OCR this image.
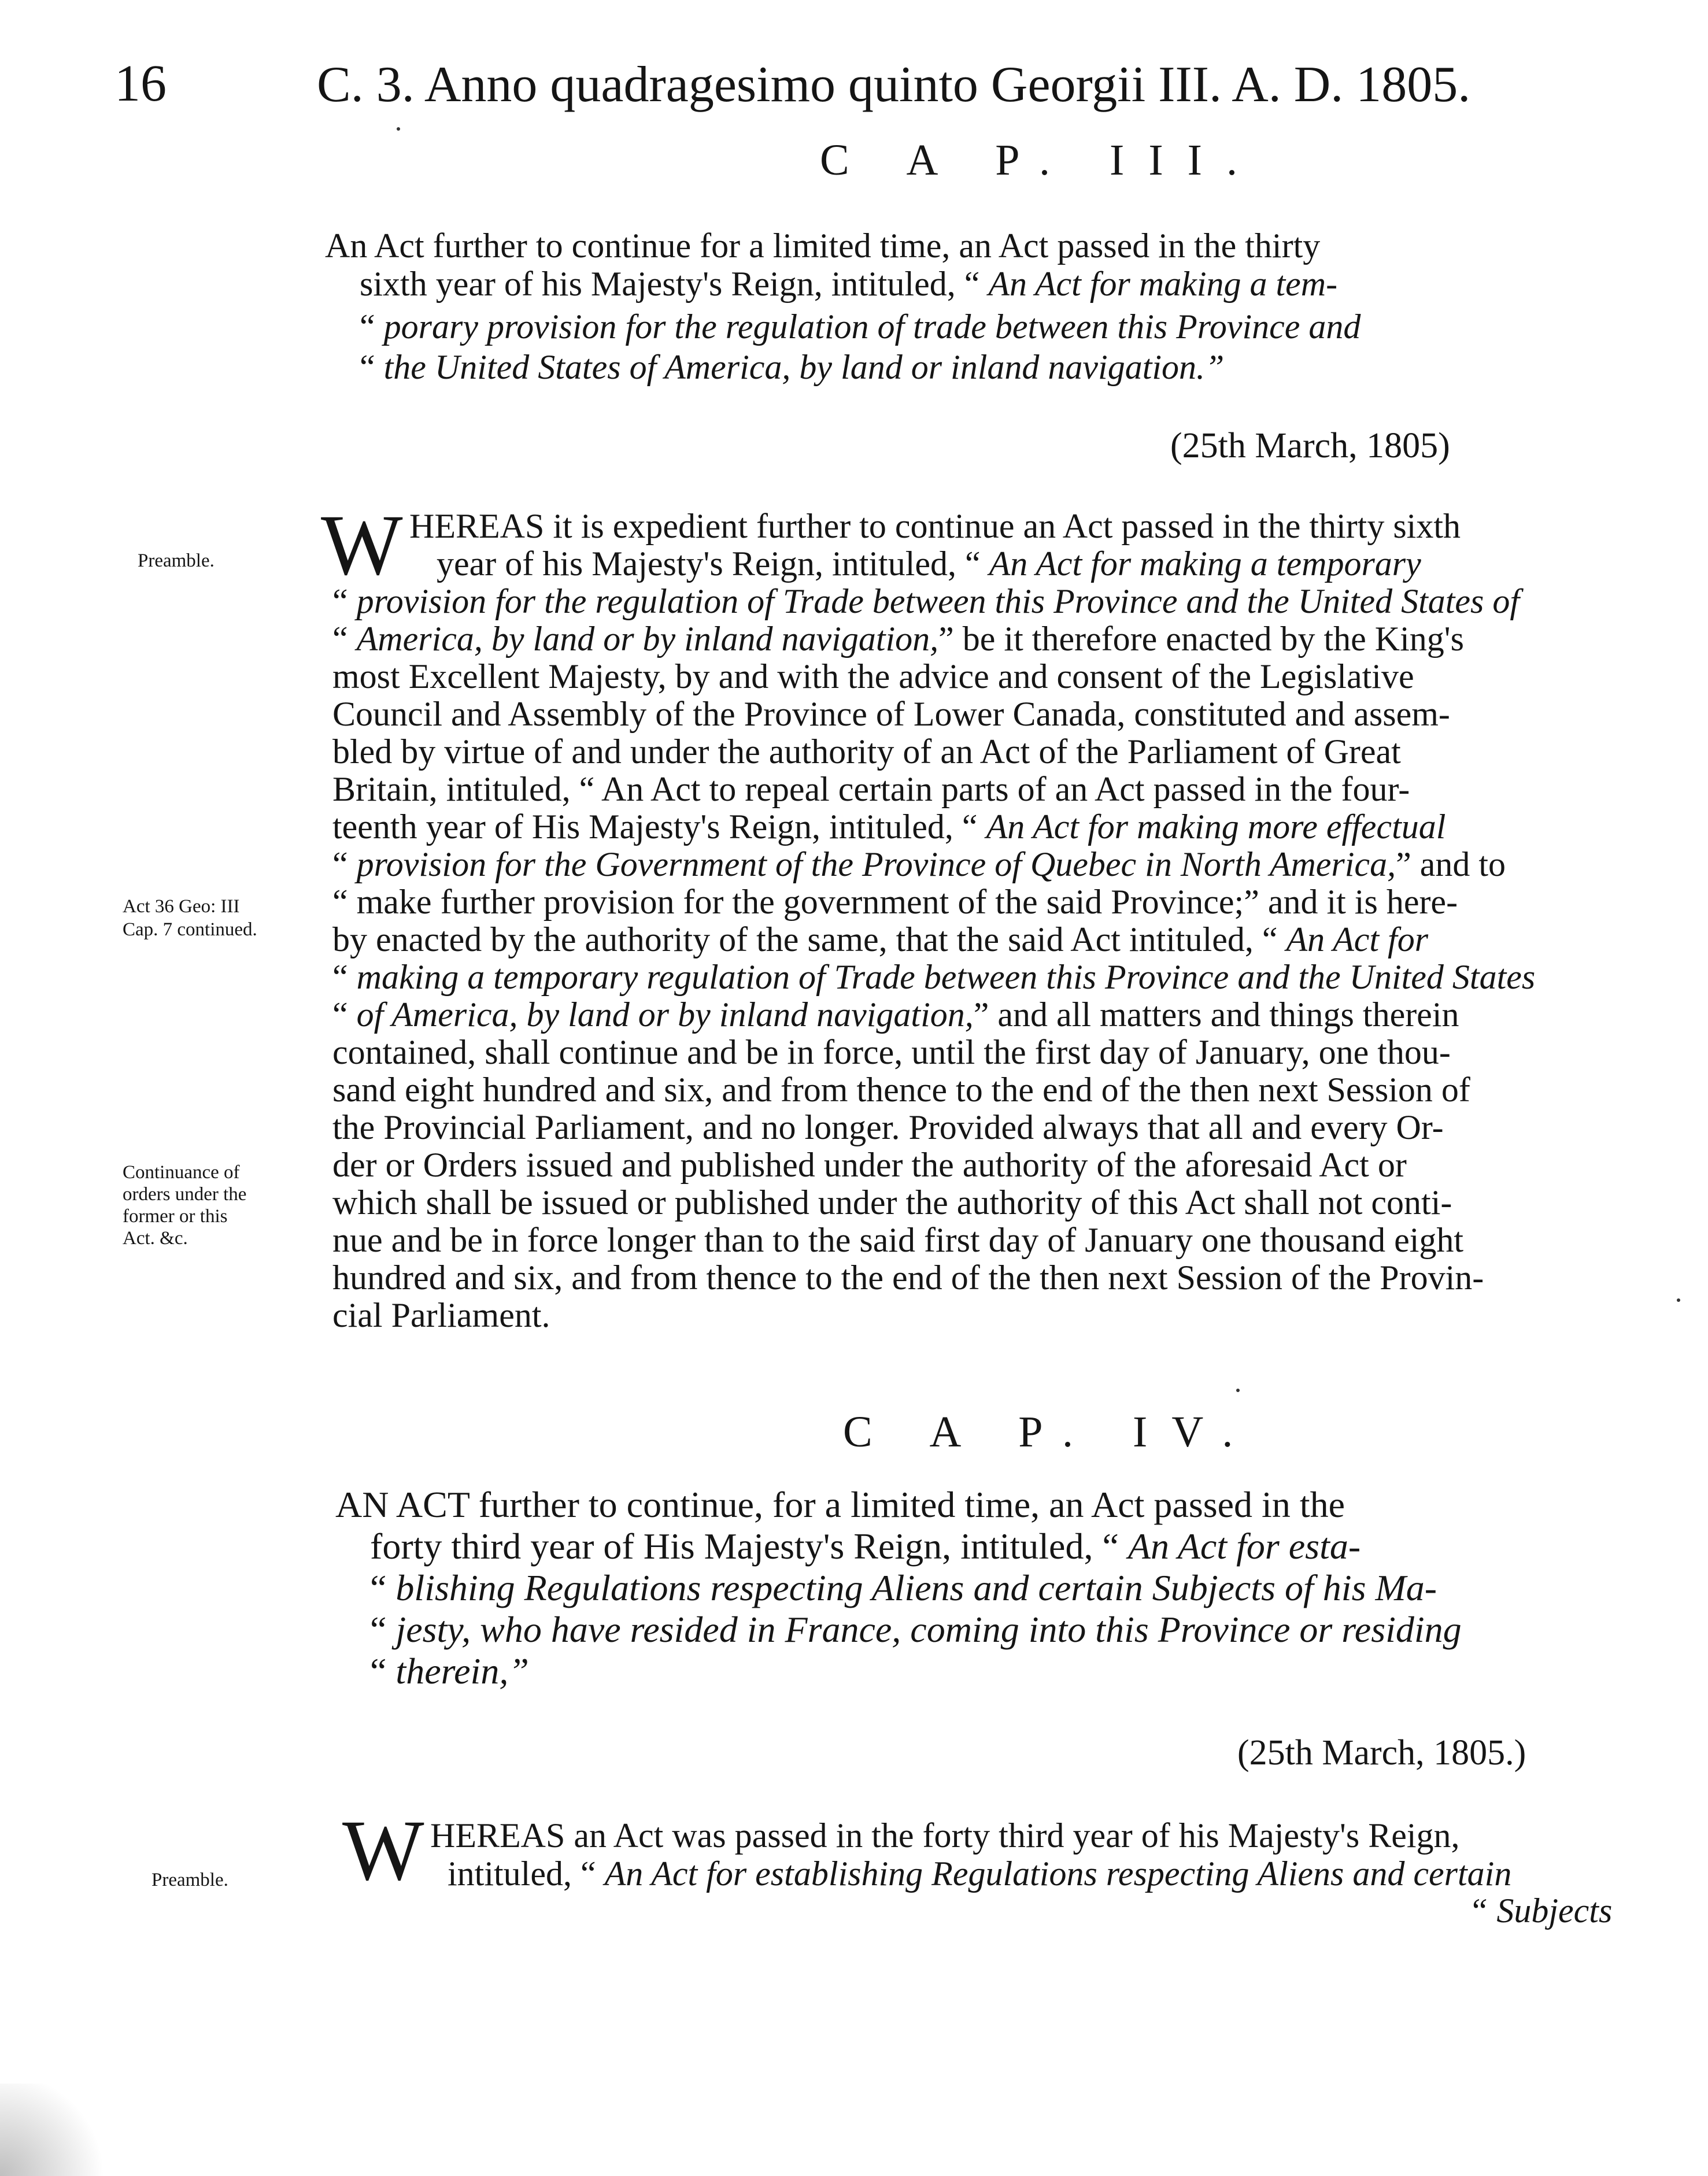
16	C. 3. Anno quadragesimo quinto Georgii III. A. D. 1805.
C A P. III.
An Act further to continue for a limited time, an Act passed in the thirty
sixth year of his Majesty's Reign, intituled, “ An Act for making a tem-
“ porary provision for the regulation of trade between this Province and
“ the United States of America, by land or inland navigation.”
(25th March, 1805)
Preamble.
Act 36 Geo: III
Cap. 7 continued.
Continuance of
orders under the
former or this
Act. &c.
W HEREAS it is expedient further to continue an Act passed in the thirty sixth
year of his Majesty's Reign, intituled, “ An Act for making a temporary
“ provision for the regulation of Trade between this Province and the United States of
“ America, by land or by inland navigation,” be it therefore enacted by the King's
most Excellent Majesty, by and with the advice and consent of the Legislative
Council and Assembly of the Province of Lower Canada, constituted and assem-
bled by virtue of and under the authority of an Act of the Parliament of Great
Britain, intituled, “ An Act to repeal certain parts of an Act passed in the four-
teenth year of His Majesty's Reign, intituled, “ An Act for making more effectual
“ provision for the Government of the Province of Quebec in North America,” and to
“ make further provision for the government of the said Province;” and it is here-
by enacted by the authority of the same, that the said Act intituled, “ An Act for
“ making a temporary regulation of Trade between this Province and the United States
“ of America, by land or by inland navigation,” and all matters and things therein
contained, shall continue and be in force, until the first day of January, one thou-
sand eight hundred and six, and from thence to the end of the then next Session of
the Provincial Parliament, and no longer. Provided always that all and every Or-
der or Orders issued and published under the authority of the aforesaid Act or
which shall be issued or published under the authority of this Act shall not conti-
nue and be in force longer than to the said first day of January one thousand eight
hundred and six, and from thence to the end of the then next Session of the Provin-
cial Parliament.
C A P. IV.
AN ACT further to continue, for a limited time, an Act passed in the
forty third year of His Majesty's Reign, intituled, “ An Act for esta-
“ blishing Regulations respecting Aliens and certain Subjects of his Ma-
“ jesty, who have resided in France, coming into this Province or residing
“ therein,”
(25th March, 1805.)
Preamble. W HEREAS an Act was passed in the forty third year of his Majesty's Reign,
intituled, “ An Act for establishing Regulations respecting Aliens and certain
“ Subjects
